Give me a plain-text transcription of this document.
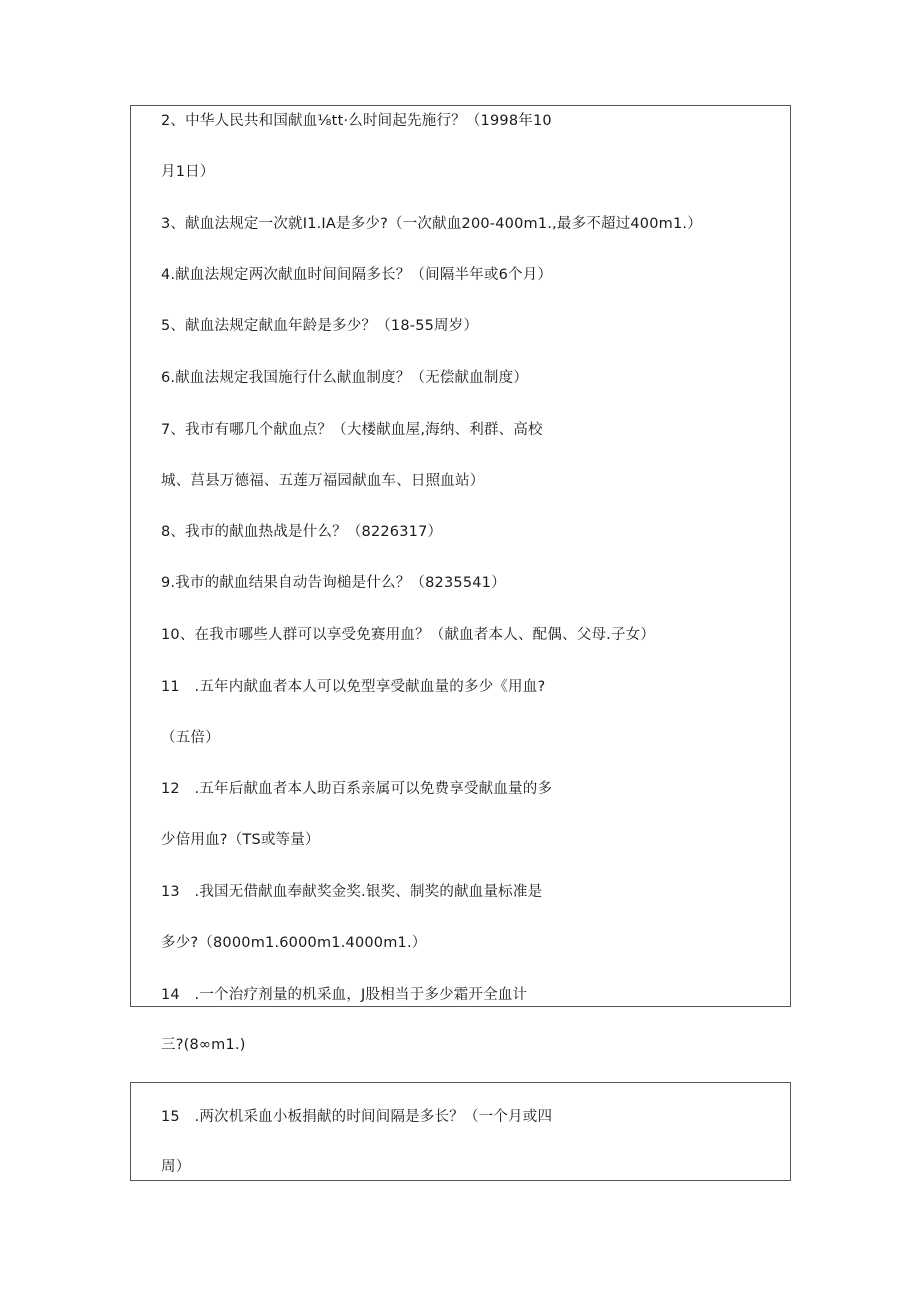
2、中华人民共和国献血⅛tt·么时间起先施行？（1998年10
月1日）
3、献血法规定一次就I1.IA是多少?（一次献血200-400m1.,最多不超过400m1.）
4.献血法规定两次献血时间间隔多长？（间隔半年或6个月）
5、献血法规定献血年龄是多少？（18-55周岁）
6.献血法规定我国施行什么献血制度？（无偿献血制度）
7、我市有哪几个献血点？（大楼献血屋,海纳、利群、高校
城、莒县万德福、五莲万福园献血车、日照血站）
8、我市的献血热战是什么？（8226317）
9.我市的献血结果自动告询槌是什么？（8235541）
10、在我市哪些人群可以享受免赛用血？（献血者本人、配偶、父母.子女）
11　.五年内献血者本人可以免型享受献血量的多少《用血?
（五倍）
12　.五年后献血者本人助百系亲属可以免费享受献血量的多
少倍用血?（TS或等量）
13　.我国无借献血奉献奖金奖.银奖、制奖的献血量标准是
多少?（8000m1.6000m1.4000m1.）
14　.一个治疗剂量的机采血，J股相当于多少霜开全血计
三?(8∞m1.)
15　.两次机采血小板捐献的时间间隔是多长？（一个月或四
周）
